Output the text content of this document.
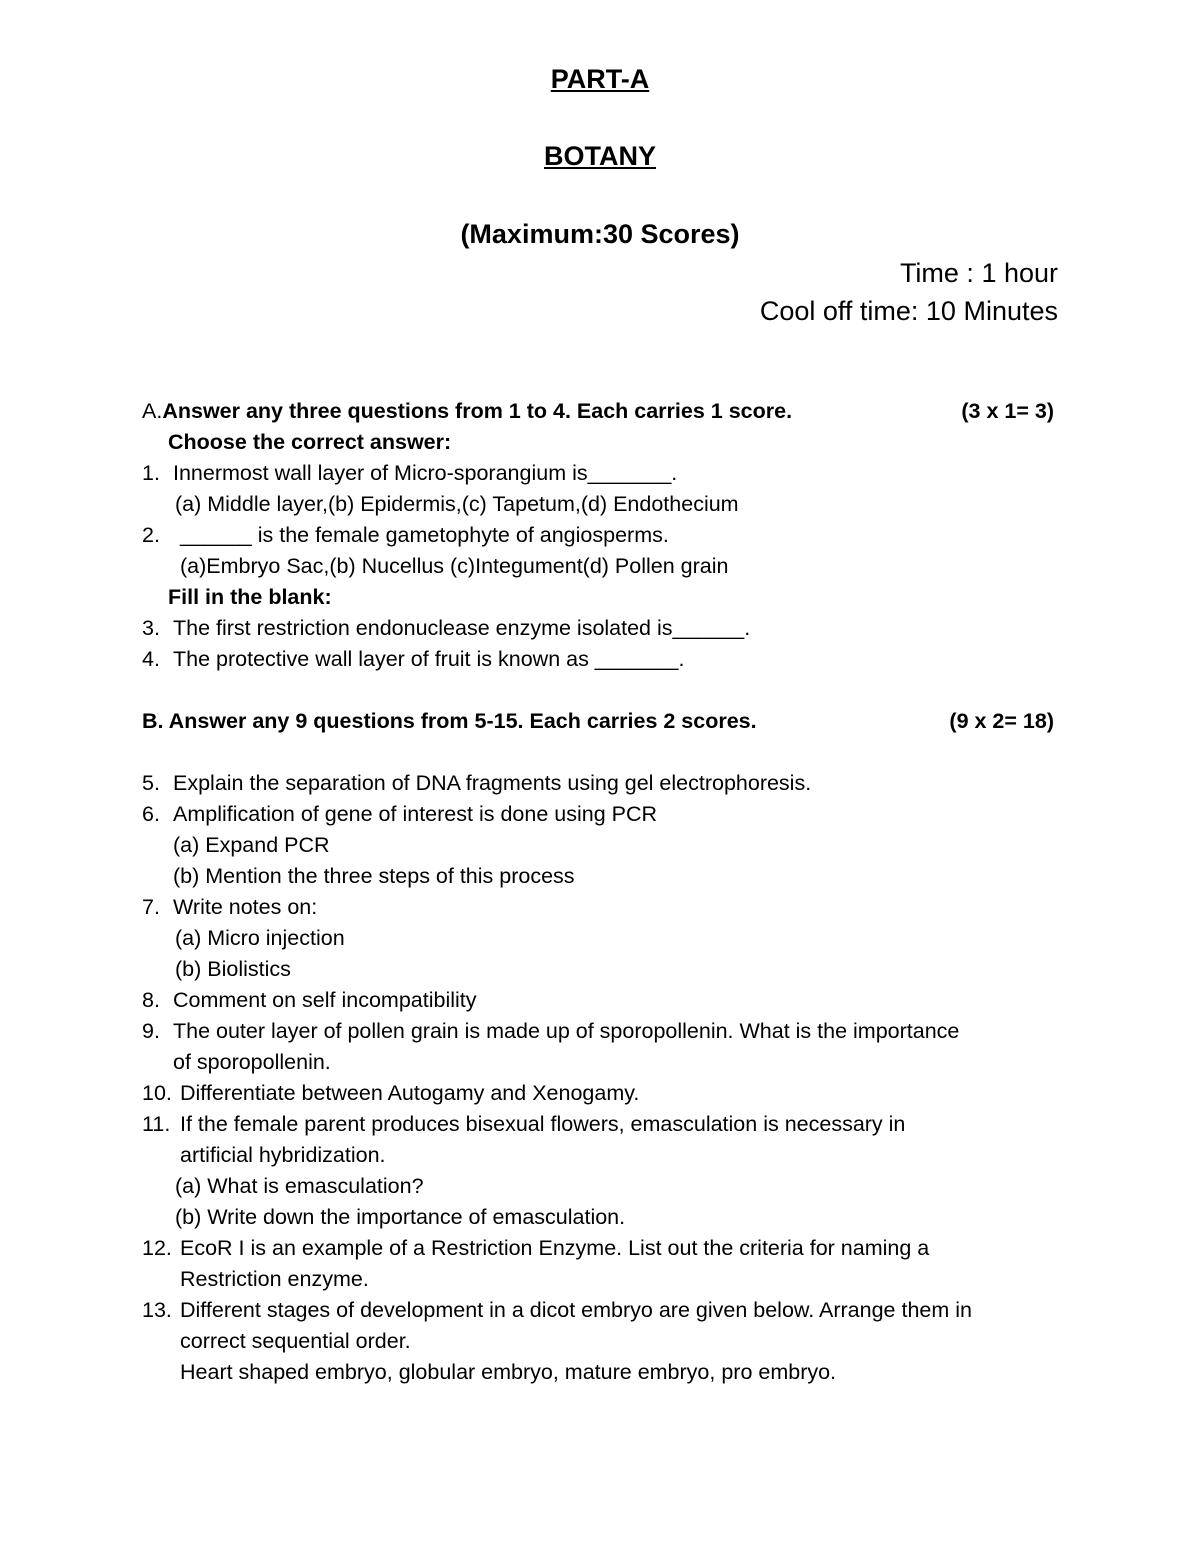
PART-A
BOTANY
(Maximum:30 Scores)
Time : 1 hour
Cool off time: 10 Minutes
A.Answer any three questions from 1 to 4. Each carries 1 score.	(3 x 1= 3)
Choose the correct answer:
1. Innermost wall layer of Micro-sporangium is_______.
(a) Middle layer,(b) Epidermis,(c) Tapetum,(d) Endothecium
2. ______ is the female gametophyte of angiosperms.
(a)Embryo Sac,(b) Nucellus (c)Integument(d) Pollen grain
Fill in the blank:
3. The first restriction endonuclease enzyme isolated is______.
4. The protective wall layer of fruit is known as _______.
B. Answer any 9 questions from 5-15. Each carries 2 scores.	(9 x 2= 18)
5. Explain the separation of DNA fragments using gel electrophoresis.
6. Amplification of gene of interest is done using PCR
(a) Expand PCR
(b) Mention the three steps of this process
7. Write notes on:
(a) Micro injection
(b) Biolistics
8. Comment on self incompatibility
9. The outer layer of pollen grain is made up of sporopollenin. What is the importance
of sporopollenin.
10. Differentiate between Autogamy and Xenogamy.
11. If the female parent produces bisexual flowers, emasculation is necessary in
artificial hybridization.
(a) What is emasculation?
(b) Write down the importance of emasculation.
12. EcoR I is an example of a Restriction Enzyme. List out the criteria for naming a
Restriction enzyme.
13. Different stages of development in a dicot embryo are given below. Arrange them in
correct sequential order.
Heart shaped embryo, globular embryo, mature embryo, pro embryo.
